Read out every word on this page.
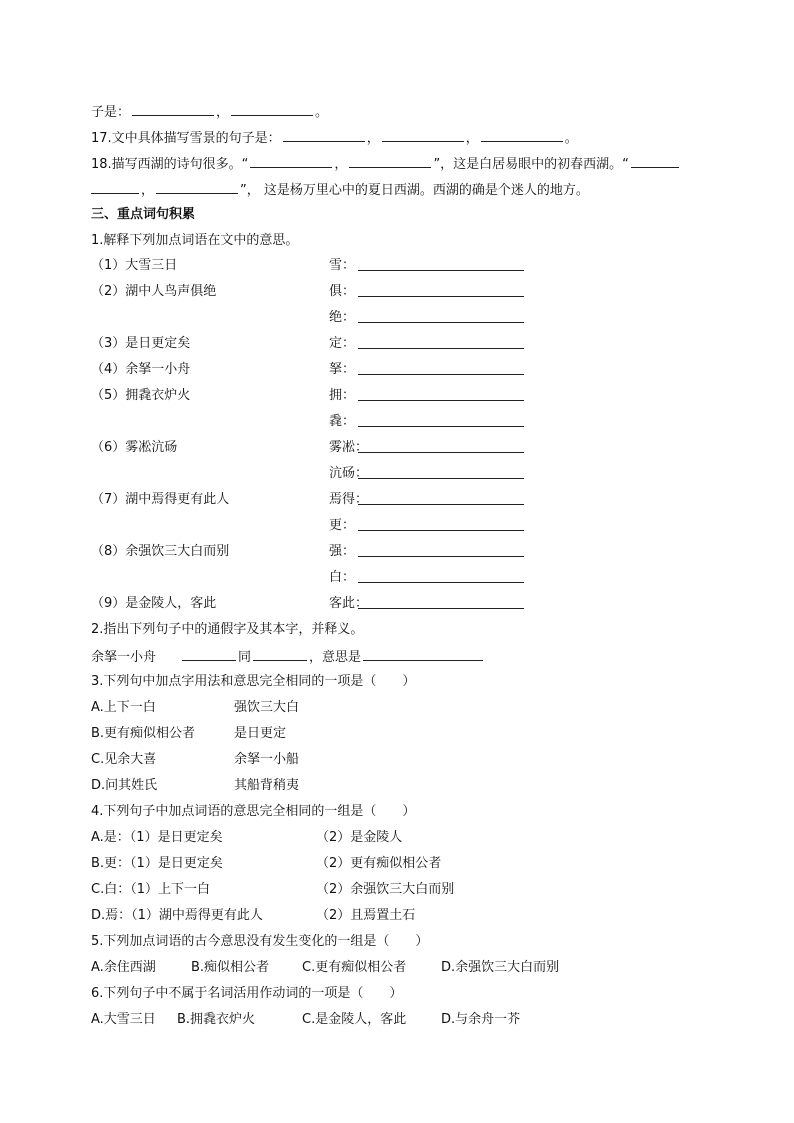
子是：	，	。
17.文中具体描写雪景的句子是：	，	，	。
18.描写西湖的诗句很多。“	，	”，这是白居易眼中的初春西湖。“
，	”， 这是杨万里心中的夏日西湖。西湖的确是个迷人的地方。
三、重点词句积累
1.解释下列加点词语在文中的意思。
（1）大雪三日	雪：
（2）湖中人鸟声俱绝	俱：
绝：
（3）是日更定矣	定：
（4）余拏一小舟	拏：
（5）拥毳衣炉火	拥：
毳：
（6）雾凇沆砀	雾凇：
沆砀：
（7）湖中焉得更有此人	焉得：
更：
（8）余强饮三大白而别	强：
白：
（9）是金陵人，客此	客此：
2.指出下列句子中的通假字及其本字，并释义。
余拏一小舟	同	，意思是
3.下列句中加点字用法和意思完全相同的一项是（　　）
A.上下一白	强饮三大白
B.更有痴似相公者	是日更定
C.见余大喜	余拏一小船
D.问其姓氏	其船背稍夷
4.下列句子中加点词语的意思完全相同的一组是（　　）
A.是：（1）是日更定矣	（2）是金陵人
B.更：（1）是日更定矣	（2）更有痴似相公者
C.白：（1）上下一白	（2）余强饮三大白而别
D.焉：（1）湖中焉得更有此人	（2）且焉置土石
5.下列加点词语的古今意思没有发生变化的一组是（　　）
A.余住西湖	B.痴似相公者	C.更有痴似相公者	D.余强饮三大白而别
6.下列句子中不属于名词活用作动词的一项是（　　）
A.大雪三日 B.拥毳衣炉火	C.是金陵人，客此	D.与余舟一芥
